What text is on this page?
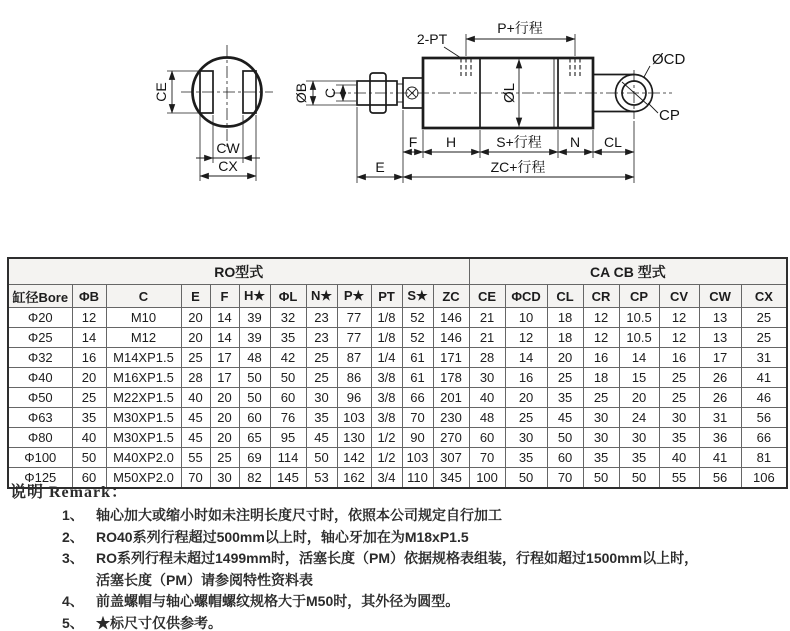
CE
CW
CX
2-PT
P+行程
ØL
ØB C
ØCD
CP
F H	S+行程 N CL
E	ZC+行程
RO型式												CA CB 型式							
缸径Bore	ΦB	C	E	F	H★	ΦL	N★	P★	PT	S★	ZC	CE	ΦCD	CL	CR	CP	CV	CW	CX
Φ20	12	M10	20	14	39	32	23	77	1/8	52	146	21	10	18	12	10.5	12	13	25
Φ25	14	M12	20	14	39	35	23	77	1/8	52	146	21	12	18	12	10.5	12	13	25
Φ32	16	M14XP1.5	25	17	48	42	25	87	1/4	61	171	28	14	20	16	14	16	17	31
Φ40	20	M16XP1.5	28	17	50	50	25	86	3/8	61	178	30	16	25	18	15	25	26	41
Φ50	25	M22XP1.5	40	20	50	60	30	96	3/8	66	201	40	20	35	25	20	25	26	46
Φ63	35	M30XP1.5	45	20	60	76	35	103	3/8	70	230	48	25	45	30	24	30	31	56
Φ80	40	M30XP1.5	45	20	65	95	45	130	1/2	90	270	60	30	50	30	30	35	36	66
Φ100	50	M40XP2.0	55	25	69	114	50	142	1/2	103	307	70	35	60	35	35	40	41	81
Φ125	60	M50XP2.0	70	30	82	145	53	162	3/4	110	345	100	50	70	50	50	55	56	106
说明 Remark：
1、 轴心加大或缩小时如未注明长度尺寸时，依照本公司规定自行加工
2、 RO40系列行程超过500mm以上时，轴心牙加在为M18xP1.5
3、 RO系列行程未超过1499mm时，活塞长度（PM）依据规格表组装，行程如超过1500mm以上时，
活塞长度（PM）请参阅特性资料表
4、 前盖螺帽与轴心螺帽螺纹规格大于M50时，其外径为圆型。
5、 ★标尺寸仅供参考。
